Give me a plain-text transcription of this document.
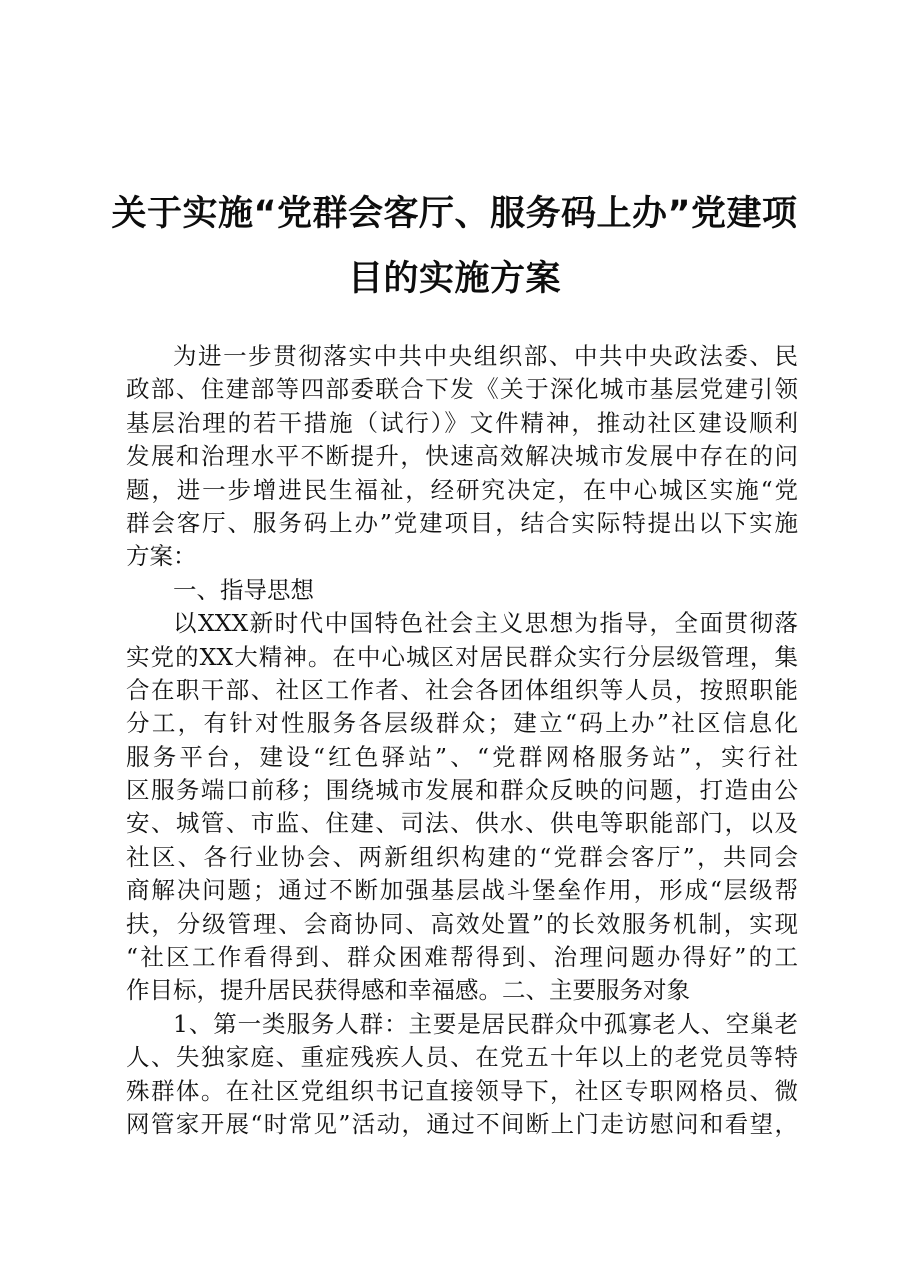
关于实施“党群会客厅、服务码上办”党建项
目的实施方案
为进一步贯彻落实中共中央组织部、中共中央政法委、民
政部、住建部等四部委联合下发《关于深化城市基层党建引领
基层治理的若干措施（试行）》文件精神，推动社区建设顺利
发展和治理水平不断提升，快速高效解决城市发展中存在的问
题，进一步增进民生福祉，经研究决定，在中心城区实施“党
群会客厅、服务码上办”党建项目，结合实际特提出以下实施
方案：
一、指导思想
以XXX新时代中国特色社会主义思想为指导，全面贯彻落
实党的XX大精神。在中心城区对居民群众实行分层级管理，集
合在职干部、社区工作者、社会各团体组织等人员，按照职能
分工，有针对性服务各层级群众；建立“码上办”社区信息化
服务平台，建设“红色驿站”、“党群网格服务站”，实行社
区服务端口前移；围绕城市发展和群众反映的问题，打造由公
安、城管、市监、住建、司法、供水、供电等职能部门，以及
社区、各行业协会、两新组织构建的“党群会客厅”，共同会
商解决问题；通过不断加强基层战斗堡垒作用，形成“层级帮
扶，分级管理、会商协同、高效处置”的长效服务机制，实现
“社区工作看得到、群众困难帮得到、治理问题办得好”的工
作目标，提升居民获得感和幸福感。二、主要服务对象
1、第一类服务人群：主要是居民群众中孤寡老人、空巢老
人、失独家庭、重症残疾人员、在党五十年以上的老党员等特
殊群体。在社区党组织书记直接领导下，社区专职网格员、微
网管家开展“时常见”活动，通过不间断上门走访慰问和看望，
